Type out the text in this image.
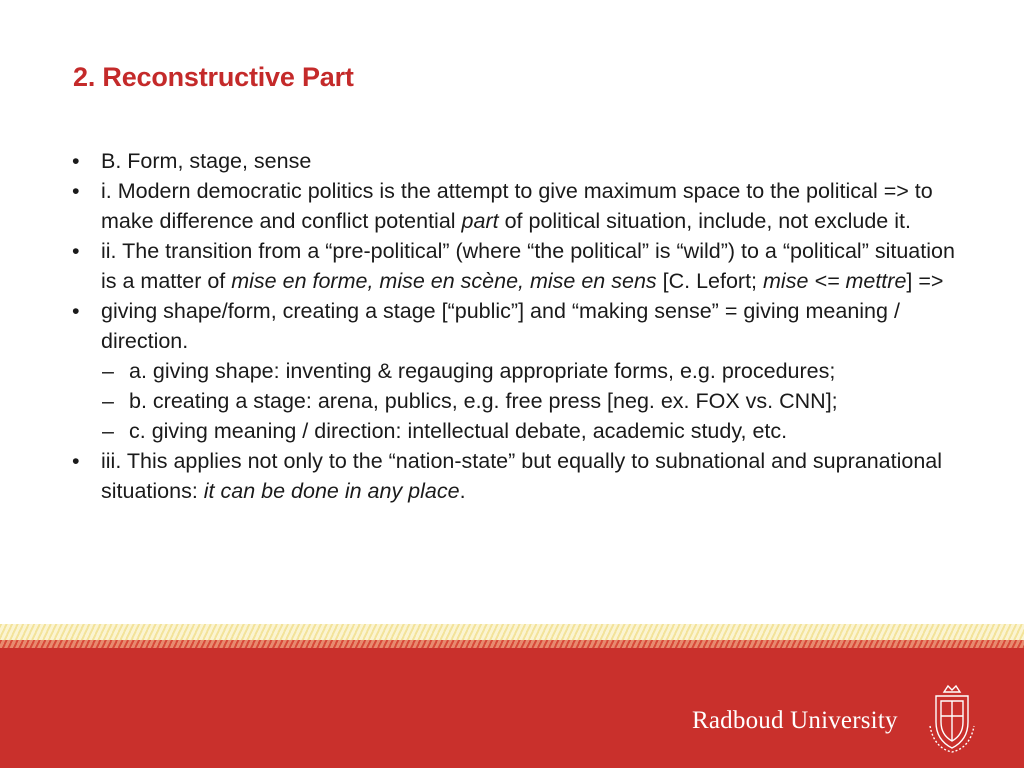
2. Reconstructive Part
• B. Form, stage, sense
• i. Modern democratic politics is the attempt to give maximum space to the political => to make difference and conflict potential part of political situation, include, not exclude it.
• ii. The transition from a “pre-political” (where “the political” is “wild”) to a “political” situation is a matter of mise en forme, mise en scène, mise en sens [C. Lefort; mise <= mettre] =>
• giving shape/form, creating a stage [“public”] and “making sense” = giving meaning / direction.
– a. giving shape: inventing & regauging appropriate forms, e.g. procedures;
– b. creating a stage: arena, publics, e.g. free press [neg. ex. FOX vs. CNN];
– c. giving meaning / direction: intellectual debate, academic study, etc.
• iii. This applies not only to the “nation-state” but equally to subnational and supranational situations: it can be done in any place.
Radboud University
